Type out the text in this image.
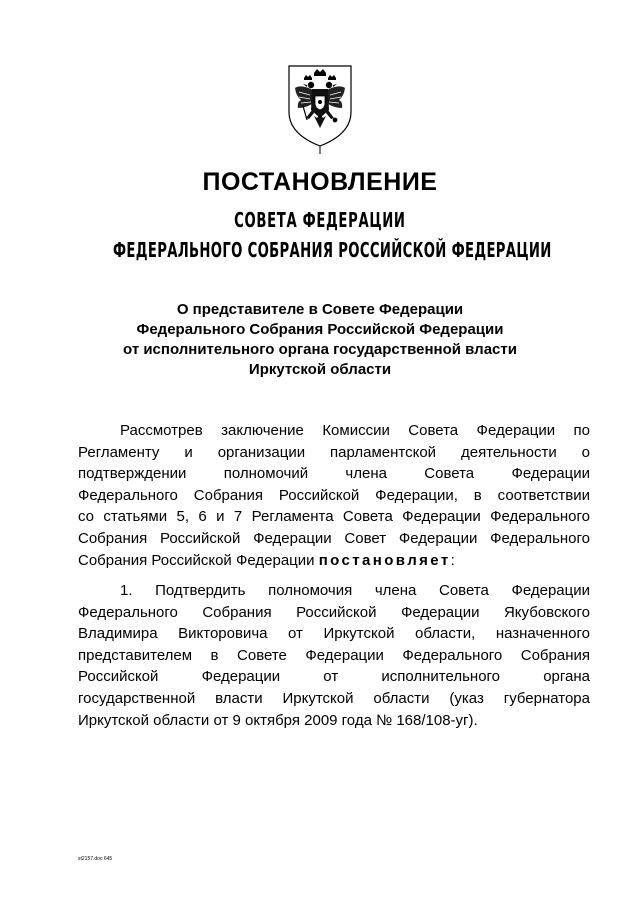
ПОСТАНОВЛЕНИЕ
СОВЕТА ФЕДЕРАЦИИ
ФЕДЕРАЛЬНОГО СОБРАНИЯ РОССИЙСКОЙ ФЕДЕРАЦИИ
О представителе в Совете Федерации
Федерального Собрания Российской Федерации
от исполнительного органа государственной власти
Иркутской области
Рассмотрев заключение Комиссии Совета Федерации по
Регламенту и организации парламентской деятельности о
подтверждении полномочий члена Совета Федерации
Федерального Собрания Российской Федерации, в соответствии
со статьями 5, 6 и 7 Регламента Совета Федерации Федерального
Собрания Российской Федерации Совет Федерации Федерального
Собрания Российской Федерации постановляет:
1. Подтвердить полномочия члена Совета Федерации
Федерального Собрания Российской Федерации Якубовского
Владимира Викторовича от Иркутской области, назначенного
представителем в Совете Федерации Федерального Собрания
Российской Федерации от исполнительного органа
государственной власти Иркутской области (указ губернатора
Иркутской области от 9 октября 2009 года № 168/108-уг).
st2157.doc 645
